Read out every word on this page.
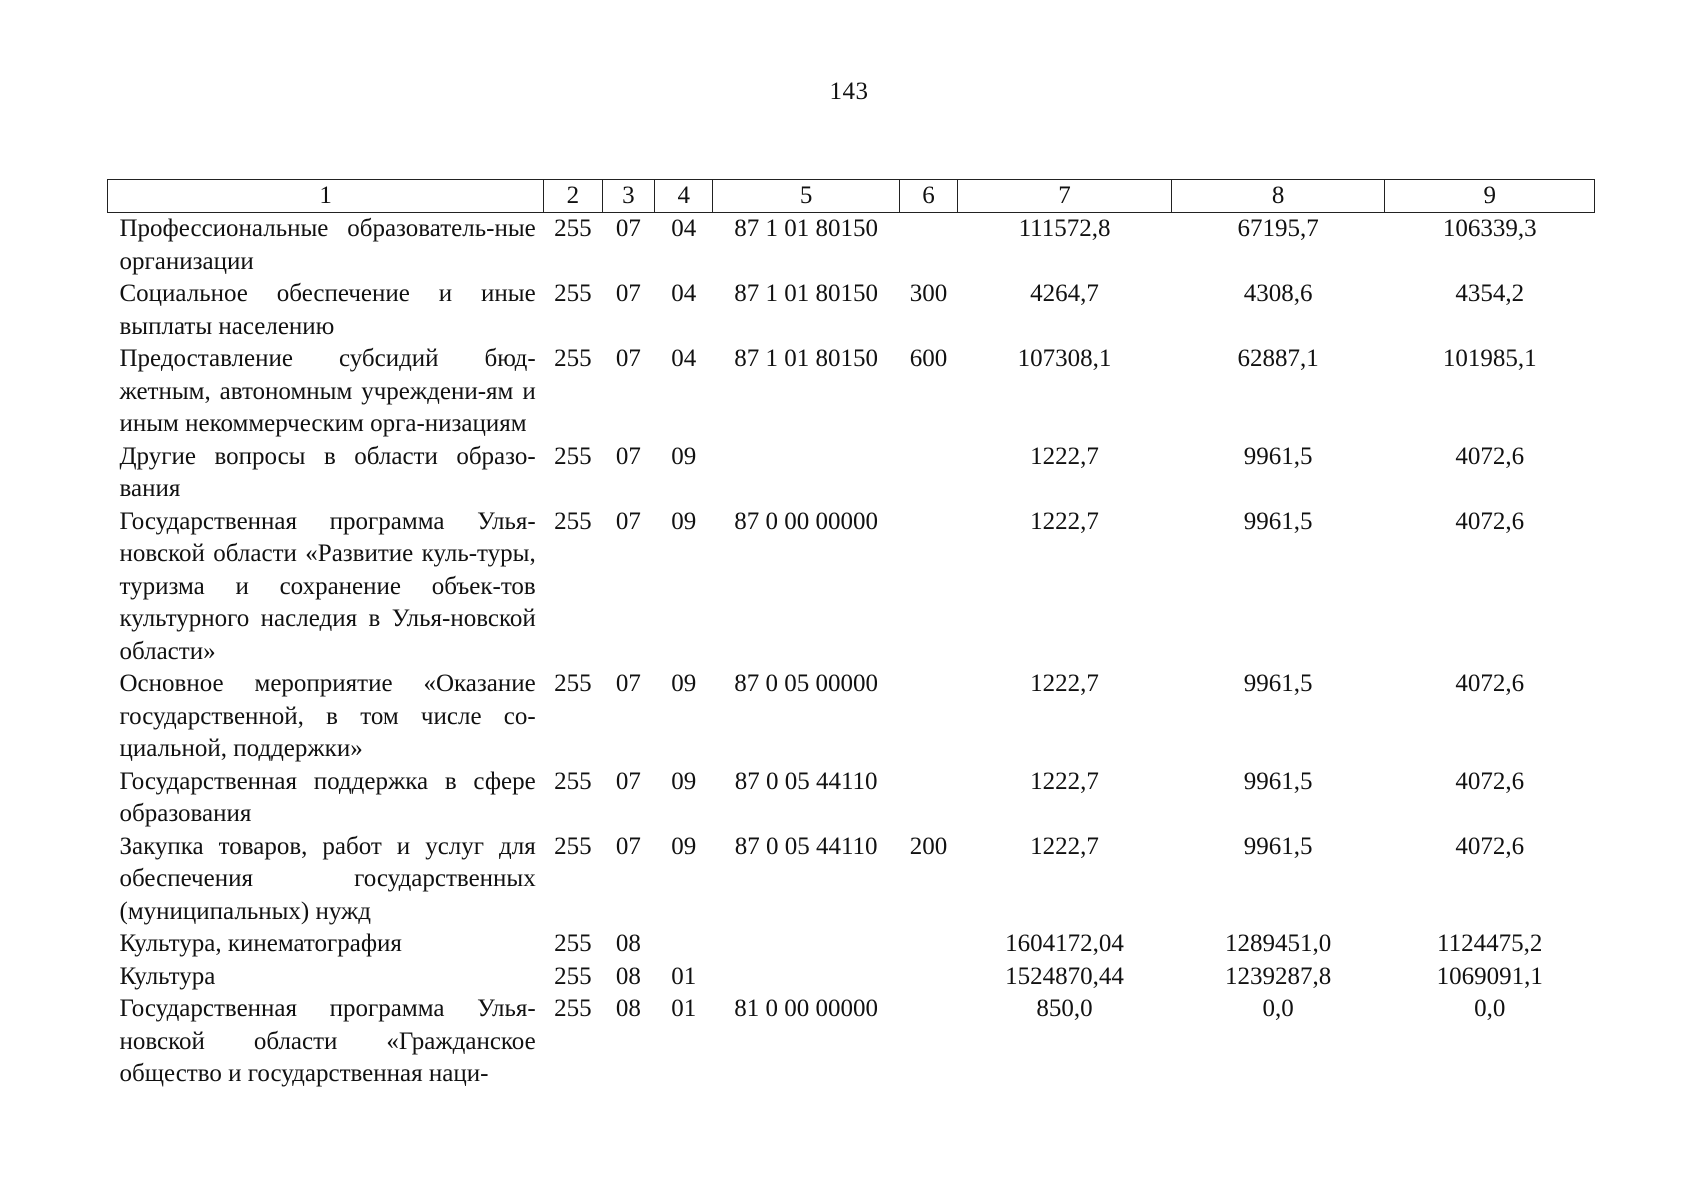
143
1	2	3	4	5	6	7	8	9
Профессиональные образователь-ные организации	255	07	04	87 1 01 80150		111572,8	67195,7	106339,3
Социальное обеспечение и иные выплаты населению	255	07	04	87 1 01 80150	300	4264,7	4308,6	4354,2
Предоставление субсидий бюд-жетным, автономным учреждени-ям и иным некоммерческим орга-низациям	255	07	04	87 1 01 80150	600	107308,1	62887,1	101985,1
Другие вопросы в области образо-вания	255	07	09			1222,7	9961,5	4072,6
Государственная программа Улья-новской области «Развитие куль-туры, туризма и сохранение объек-тов культурного наследия в Улья-новской области»	255	07	09	87 0 00 00000		1222,7	9961,5	4072,6
Основное мероприятие «Оказание государственной, в том числе со-циальной, поддержки»	255	07	09	87 0 05 00000		1222,7	9961,5	4072,6
Государственная поддержка в сфере образования	255	07	09	87 0 05 44110		1222,7	9961,5	4072,6
Закупка товаров, работ и услуг для обеспечения государственных (муниципальных) нужд	255	07	09	87 0 05 44110	200	1222,7	9961,5	4072,6
Культура, кинематография	255	08				1604172,04	1289451,0	1124475,2
Культура	255	08	01			1524870,44	1239287,8	1069091,1
Государственная программа Улья-новской области «Гражданское общество и государственная наци-	255	08	01	81 0 00 00000		850,0	0,0	0,0
